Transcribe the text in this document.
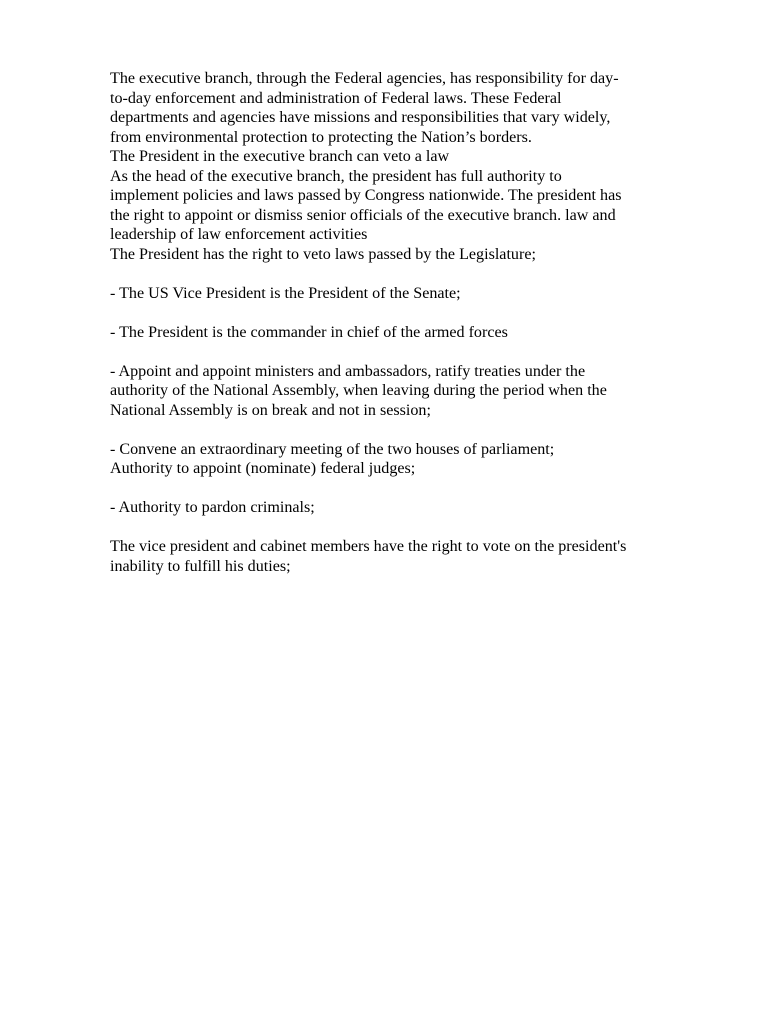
The executive branch, through the Federal agencies, has responsibility for day-
to-day enforcement and administration of Federal laws. These Federal
departments and agencies have missions and responsibilities that vary widely,
from environmental protection to protecting the Nation’s borders.

The President in the executive branch can veto a law

As the head of the executive branch, the president has full authority to
implement policies and laws passed by Congress nationwide. The president has
the right to appoint or dismiss senior officials of the executive branch. law and
leadership of law enforcement activities

The President has the right to veto laws passed by the Legislature;

- The US Vice President is the President of the Senate;

- The President is the commander in chief of the armed forces

- Appoint and appoint ministers and ambassadors, ratify treaties under the
authority of the National Assembly, when leaving during the period when the
National Assembly is on break and not in session;

- Convene an extraordinary meeting of the two houses of parliament;

Authority to appoint (nominate) federal judges;

- Authority to pardon criminals;

The vice president and cabinet members have the right to vote on the president's
inability to fulfill his duties;
